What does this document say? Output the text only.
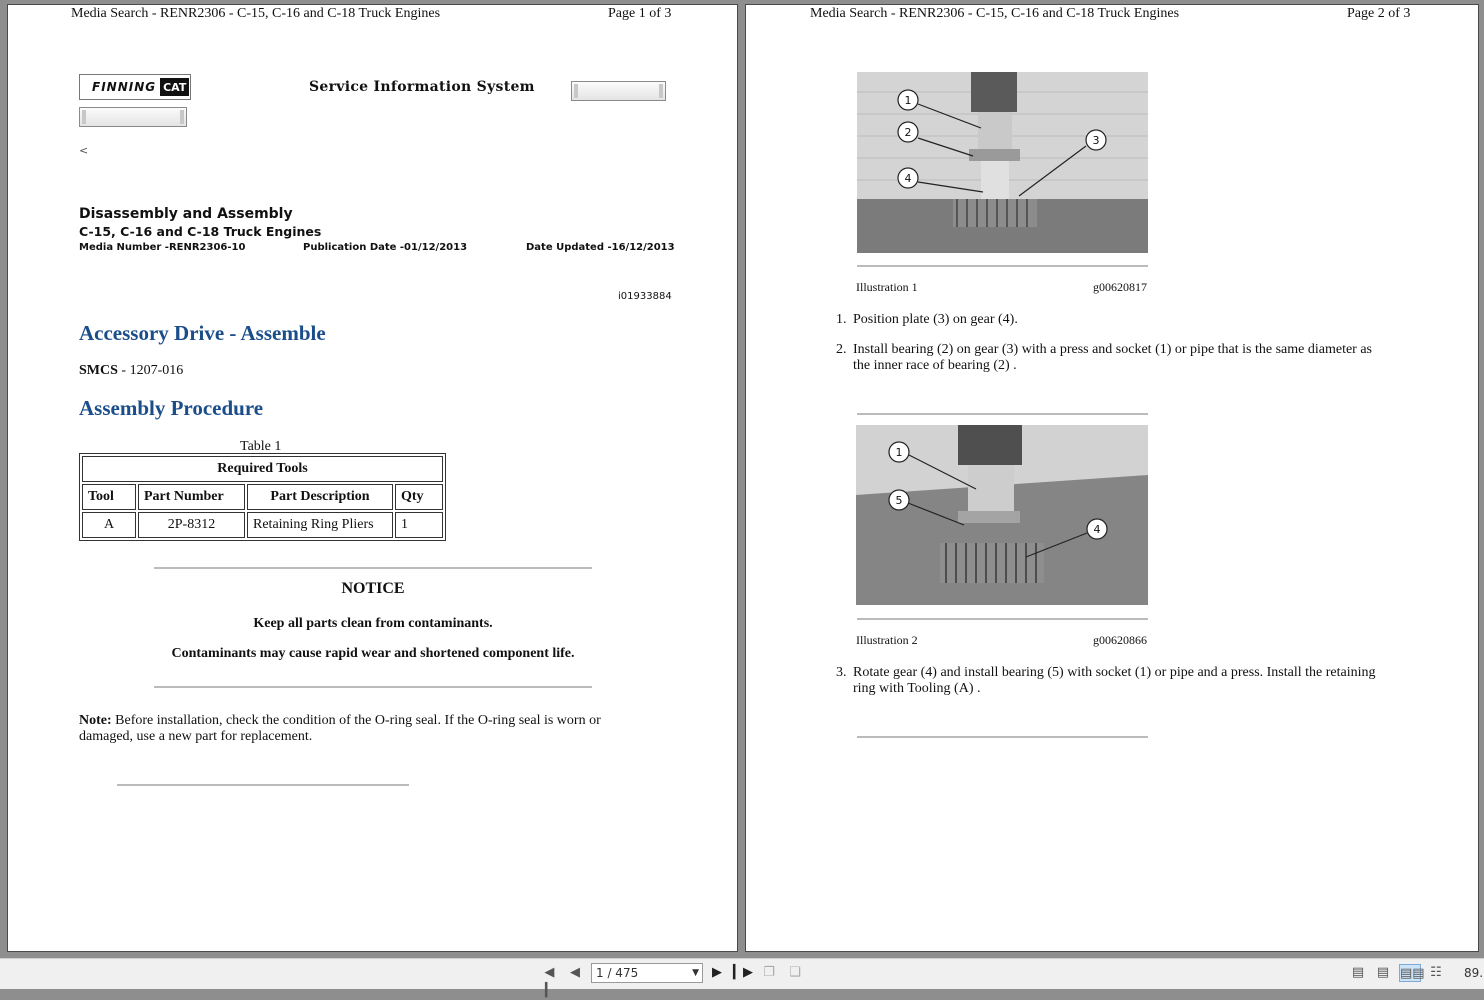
Media Search - RENR2306 - C-15, C-16 and C-18 Truck Engines	Page 1 of 3
FINNING CAT	Service Information System
<
Disassembly and Assembly
C-15, C-16 and C-18 Truck Engines
Media Number -RENR2306-10	Publication Date -01/12/2013	Date Updated -16/12/2013
i01933884
Accessory Drive - Assemble
SMCS - 1207-016
Assembly Procedure
Table 1
Required Tools			
Tool	Part Number	Part Description	Qty
A	2P-8312	Retaining Ring Pliers	1
NOTICE
Keep all parts clean from contaminants.
Contaminants may cause rapid wear and shortened component life.
Note: Before installation, check the condition of the O-ring seal. If the O-ring seal is worn or
damaged, use a new part for replacement.
Media Search - RENR2306 - C-15, C-16 and C-18 Truck Engines	Page 2 of 3
1
2
3
4
Illustration 1	g00620817
1. Position plate (3) on gear (4).
2. Install bearing (2) on gear (3) with a press and socket (1) or pipe that is the same diameter as
the inner race of bearing (2) .
1
5
4
Illustration 2	g00620866
3. Rotate gear (4) and install bearing (5) with socket (1) or pipe and a press. Install the retaining
ring with Tooling (A) .
◀ ▎
◀	1 / 475	▼	▶ ▎▶ ❐ ❏	▤ ▤ ▤▤ ☷ 89.
